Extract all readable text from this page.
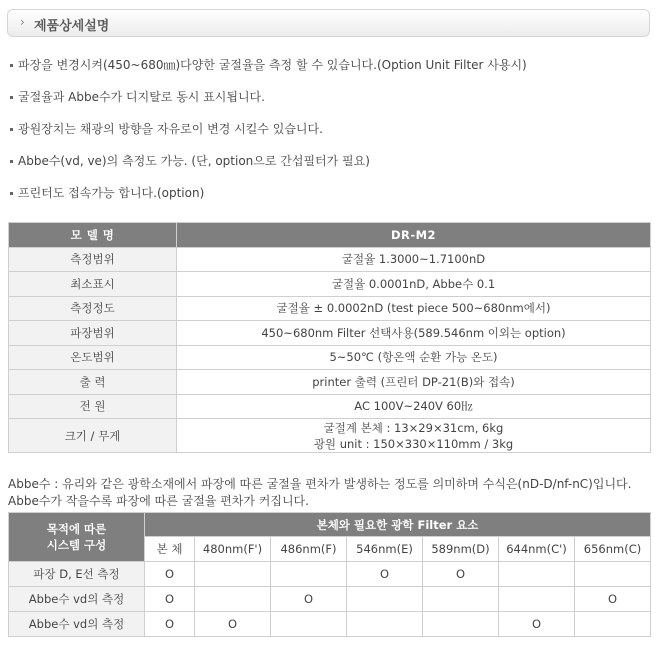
› 제품상세설명
파장을 변경시켜(450~680㎚)다양한 굴절율을 측정 할 수 있습니다.(Option Unit Filter 사용시)
굴절율과 Abbe수가 디지탈로 동시 표시됩니다.
광원장치는 채광의 방향을 자유로이 변경 시킬수 있습니다.
Abbe수(vd, ve)의 측정도 가능. (단, option으로 간섭필터가 필요)
프린터도 접속가능 합니다.(option)
모 델 명	DR-M2
측정범위	굴절율 1.3000~1.7100nD
최소표시	굴절율 0.0001nD, Abbe수 0.1
측정정도	굴절율 ± 0.0002nD (test piece 500~680nm에서)
파장범위	450~680nm Filter 선택사용(589.546nm 이외는 option)
온도범위	5~50℃ (항온액 순환 가능 온도)
출 력	printer 출력 (프린터 DP-21(B)와 접속)
전 원	AC 100V~240V 60㎐
크기 / 무게	굴절계 본체 : 13×29×31cm, 6kg
광원 unit : 150×330×110mm / 3kg
Abbe수 : 유리와 같은 광학소재에서 파장에 따른 굴절율 편차가 발생하는 정도를 의미하며 수식은(nD-D/nf-nC)입니다. Abbe수가 작을수록 파장에 따른 굴절율 편차가 커집니다.
목적에 따른
시스템 구성	본체와 필요한 광학 Filter 요소						
	본 체	480nm(F')	486nm(F)	546nm(E)	589nm(D)	644nm(C')	656nm(C)
파장 D, E선 측정	O			O	O		
Abbe수 vd의 측정	O		O				O
Abbe수 vd의 측정	O	O				O	
